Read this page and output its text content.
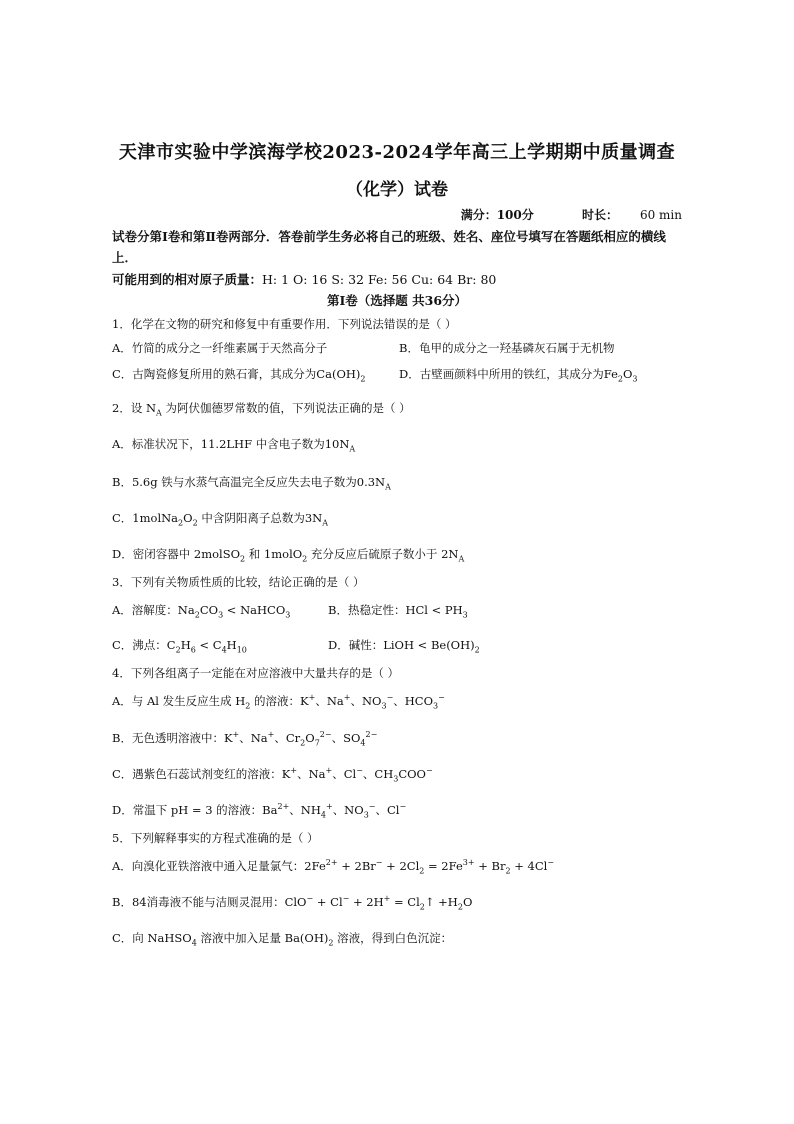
天津市实验中学滨海学校2023-2024学年高三上学期期中质量调查
（化学）试卷
满分：100分	时长： 60 min
试卷分第Ⅰ卷和第Ⅱ卷两部分．答卷前学生务必将自己的班级、姓名、座位号填写在答题纸相应的横线上．
可能用到的相对原子质量：H: 1 O: 16 S: 32 Fe: 56 Cu: 64 Br: 80
第Ⅰ卷（选择题 共36分）
1．化学在文物的研究和修复中有重要作用．下列说法错误的是（ ）
A．竹简的成分之一纤维素属于天然高分子	B．龟甲的成分之一羟基磷灰石属于无机物
C．古陶瓷修复所用的熟石膏，其成分为$Ca(OH)_2$	D．古壁画颜料中所用的铁红，其成分为$Fe_2O_3$
2．设 $N_A$ 为阿伏伽德罗常数的值，下列说法正确的是（ ）
A．标准状况下，11.2LHF 中含电子数为$10N_A$
B．5.6g 铁与水蒸气高温完全反应失去电子数为$0.3N_A$
C．$1molNa_2O_2$ 中含阴阳离子总数为$3N_A$
D．密闭容器中 2molSO$_2$ 和 1molO$_2$ 充分反应后硫原子数小于 $2N_A$
3．下列有关物质性质的比较，结论正确的是（ ）
A．溶解度：$Na_2CO_3$ < NaHCO$_3$	B．热稳定性：HCl < $PH_3$
C．沸点：$C_2H_6 < C_4H_{10}$	D．碱性：LiOH < $Be(OH)_2$
4．下列各组离子一定能在对应溶液中大量共存的是（ ）
A．与 Al 发生反应生成 $H_2$ 的溶液：K+、Na+、$NO_3^-$、$HCO_3^-$
B．无色透明溶液中：K+、Na+、$Cr_2O_7^{2-}$、$SO_4^{2-}$
C．遇紫色石蕊试剂变红的溶液：K+、Na+、Cl−、$CH_3COO^-$
D．常温下 pH = 3 的溶液：$Ba^{2+}$、$NH_4^+$、$NO_3^-$、Cl−
5．下列解释事实的方程式准确的是（ ）
A．向溴化亚铁溶液中通入足量氯气：$2Fe^{2+} + 2Br^- + 2Cl_2 = 2Fe^{3+} + Br_2 + 4Cl^-$
B．84消毒液不能与洁厕灵混用：$ClO^- + Cl^- + 2H^+ = Cl_2↑ +H_2O$
C．向 NaHSO$_4$ 溶液中加入足量 $Ba(OH)_2$ 溶液，得到白色沉淀：
